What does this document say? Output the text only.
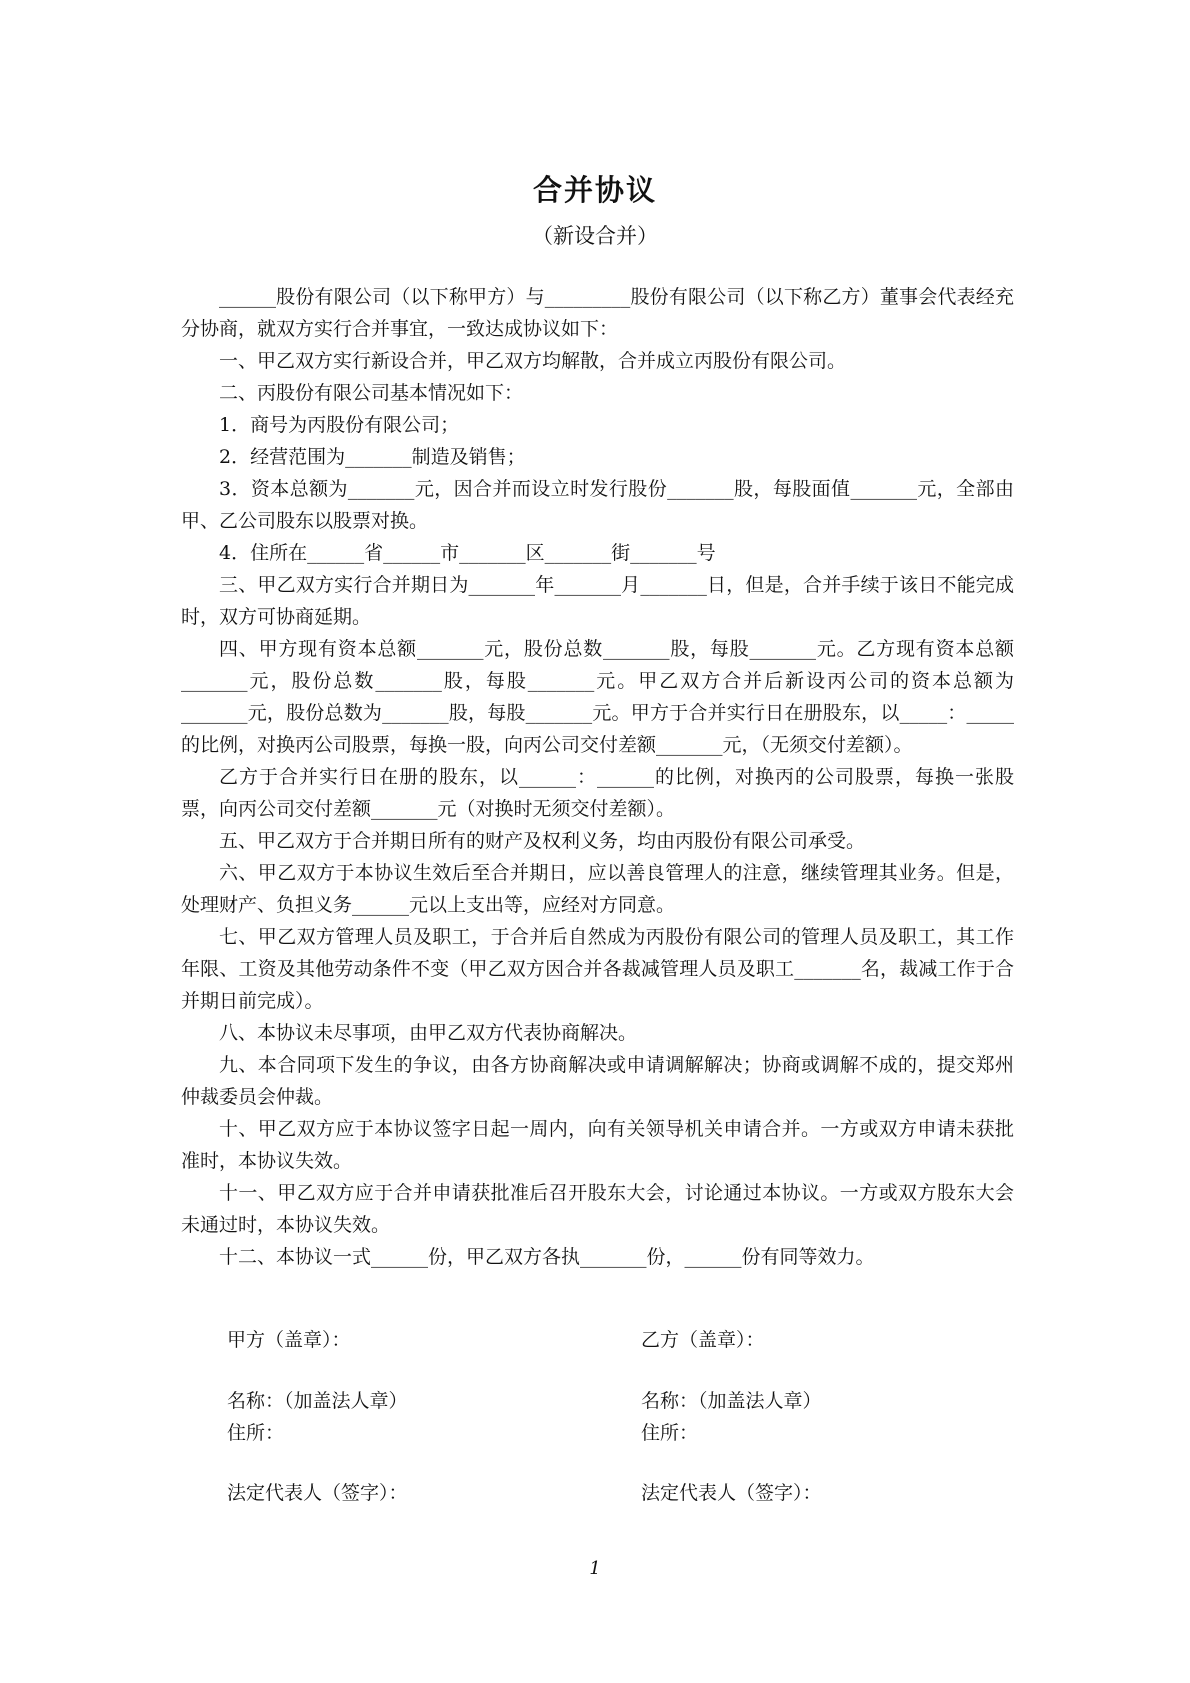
合并协议
（新设合并）

______股份有限公司（以下称甲方）与_________股份有限公司（以下称乙方）董事会代表经充分协商，就双方实行合并事宜，一致达成协议如下：

一、甲乙双方实行新设合并，甲乙双方均解散，合并成立丙股份有限公司。

二、丙股份有限公司基本情况如下：

1．商号为丙股份有限公司；

2．经营范围为_______制造及销售；

3．资本总额为_______元，因合并而设立时发行股份_______股，每股面值_______元，全部由甲、乙公司股东以股票对换。

4．住所在______省______市_______区_______街_______号

三、甲乙双方实行合并期日为_______年_______月_______日，但是，合并手续于该日不能完成时，双方可协商延期。

四、甲方现有资本总额_______元，股份总数_______股，每股_______元。乙方现有资本总额_______元，股份总数_______股，每股_______元。甲乙双方合并后新设丙公司的资本总额为_______元，股份总数为_______股，每股_______元。甲方于合并实行日在册股东，以_____：_____的比例，对换丙公司股票，每换一股，向丙公司交付差额_______元，（无须交付差额）。

乙方于合并实行日在册的股东，以______：______的比例，对换丙的公司股票，每换一张股票，向丙公司交付差额_______元（对换时无须交付差额）。

五、甲乙双方于合并期日所有的财产及权利义务，均由丙股份有限公司承受。

六、甲乙双方于本协议生效后至合并期日，应以善良管理人的注意，继续管理其业务。但是，处理财产、负担义务______元以上支出等，应经对方同意。

七、甲乙双方管理人员及职工，于合并后自然成为丙股份有限公司的管理人员及职工，其工作年限、工资及其他劳动条件不变（甲乙双方因合并各裁减管理人员及职工_______名，裁减工作于合并期日前完成）。

八、本协议未尽事项，由甲乙双方代表协商解决。

九、本合同项下发生的争议，由各方协商解决或申请调解解决；协商或调解不成的，提交郑州仲裁委员会仲裁。

十、甲乙双方应于本协议签字日起一周内，向有关领导机关申请合并。一方或双方申请未获批准时，本协议失效。

十一、甲乙双方应于合并申请获批准后召开股东大会，讨论通过本协议。一方或双方股东大会未通过时，本协议失效。

十二、本协议一式______份，甲乙双方各执_______份，______份有同等效力。

甲方（盖章）：	乙方（盖章）：
名称：（加盖法人章）	名称：（加盖法人章）
住所：	住所：
法定代表人（签字）：	法定代表人（签字）：
1
